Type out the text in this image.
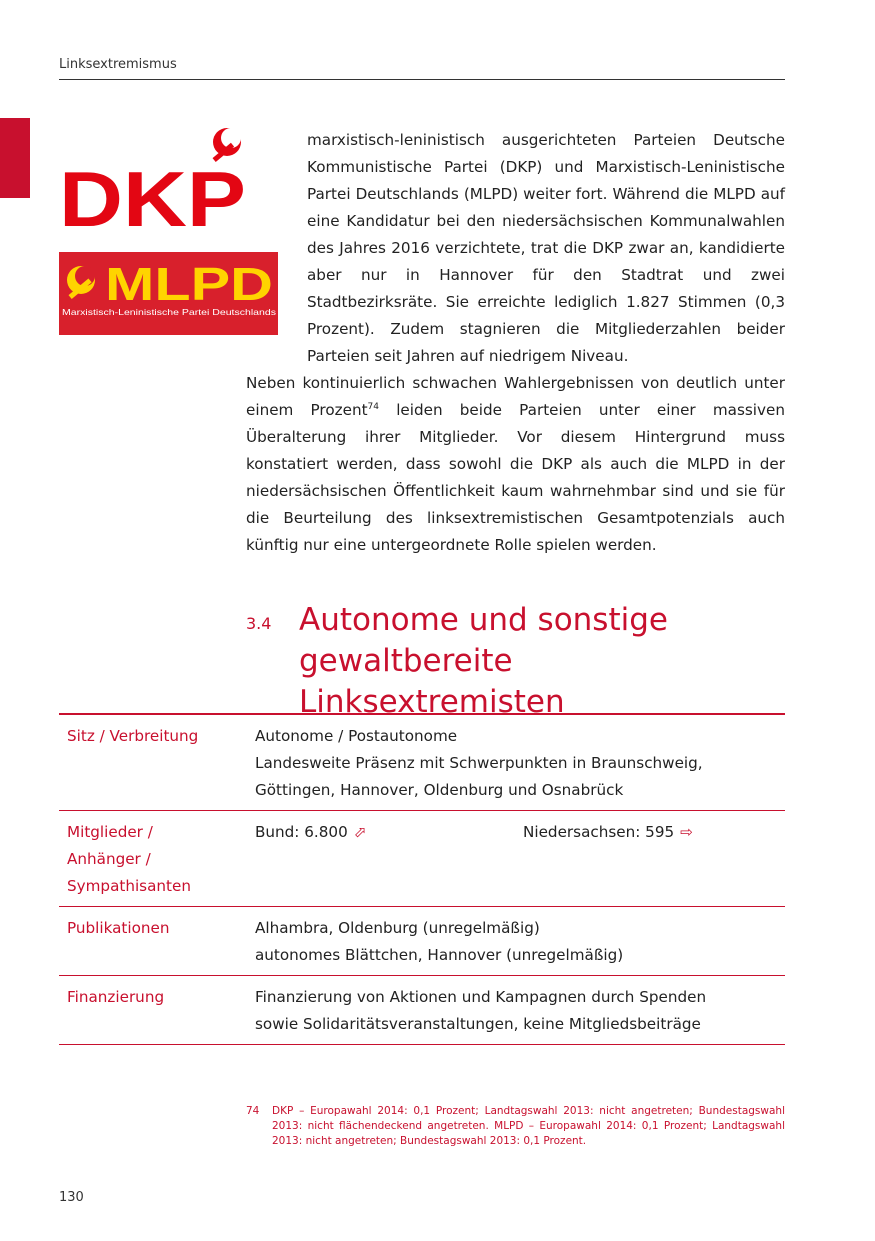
Linksextremismus
DKP
MLPD
Marxistisch-Leninistische Partei Deutschlands

marxistisch-leninistisch ausgerichteten Parteien Deutsche Kommunistische Partei (DKP) und Marxistisch-Leninistische Partei Deutschlands (MLPD) weiter fort. Während die MLPD auf eine Kandidatur bei den niedersächsischen Kommunalwahlen des Jahres 2016 verzichtete, trat die DKP zwar an, kandidierte aber nur in Hannover für den Stadtrat und zwei Stadtbezirksräte. Sie erreichte lediglich 1.827 Stimmen (0,3 Prozent). Zudem stagnieren die Mitgliederzahlen beider Parteien seit Jahren auf niedrigem Niveau.

Neben kontinuierlich schwachen Wahlergebnissen von deutlich unter einem Prozent$^{74}$ leiden beide Parteien unter einer massiven Überalterung ihrer Mitglieder. Vor diesem Hintergrund muss konstatiert werden, dass sowohl die DKP als auch die MLPD in der niedersächsischen Öffentlichkeit kaum wahrnehmbar sind und sie für die Beurteilung des linksextremistischen Gesamtpotenzials auch künftig nur eine untergeordnete Rolle spielen werden.

3.4 Autonome und sonstige gewaltbereite Linksextremisten
Sitz / Verbreitung	Autonome / Postautonome
Landesweite Präsenz mit Schwerpunkten in Braunschweig,
Göttingen, Hannover, Oldenburg und Osnabrück

Mitglieder /
Anhänger /
Sympathisanten	Bund: 6.800 ⬀ Niedersachsen: 595 ⇨

Publikationen	Alhambra, Oldenburg (unregelmäßig)
autonomes Blättchen, Hannover (unregelmäßig)

Finanzierung	Finanzierung von Aktionen und Kampagnen durch Spenden
sowie Solidaritätsveranstaltungen, keine Mitgliedsbeiträge
74	DKP – Europawahl 2014: 0,1 Prozent; Landtagswahl 2013: nicht angetreten; Bundestagswahl 2013: nicht flächendeckend angetreten. MLPD – Europawahl 2014: 0,1 Prozent; Landtagswahl 2013: nicht angetreten; Bundestagswahl 2013: 0,1 Prozent.
130
